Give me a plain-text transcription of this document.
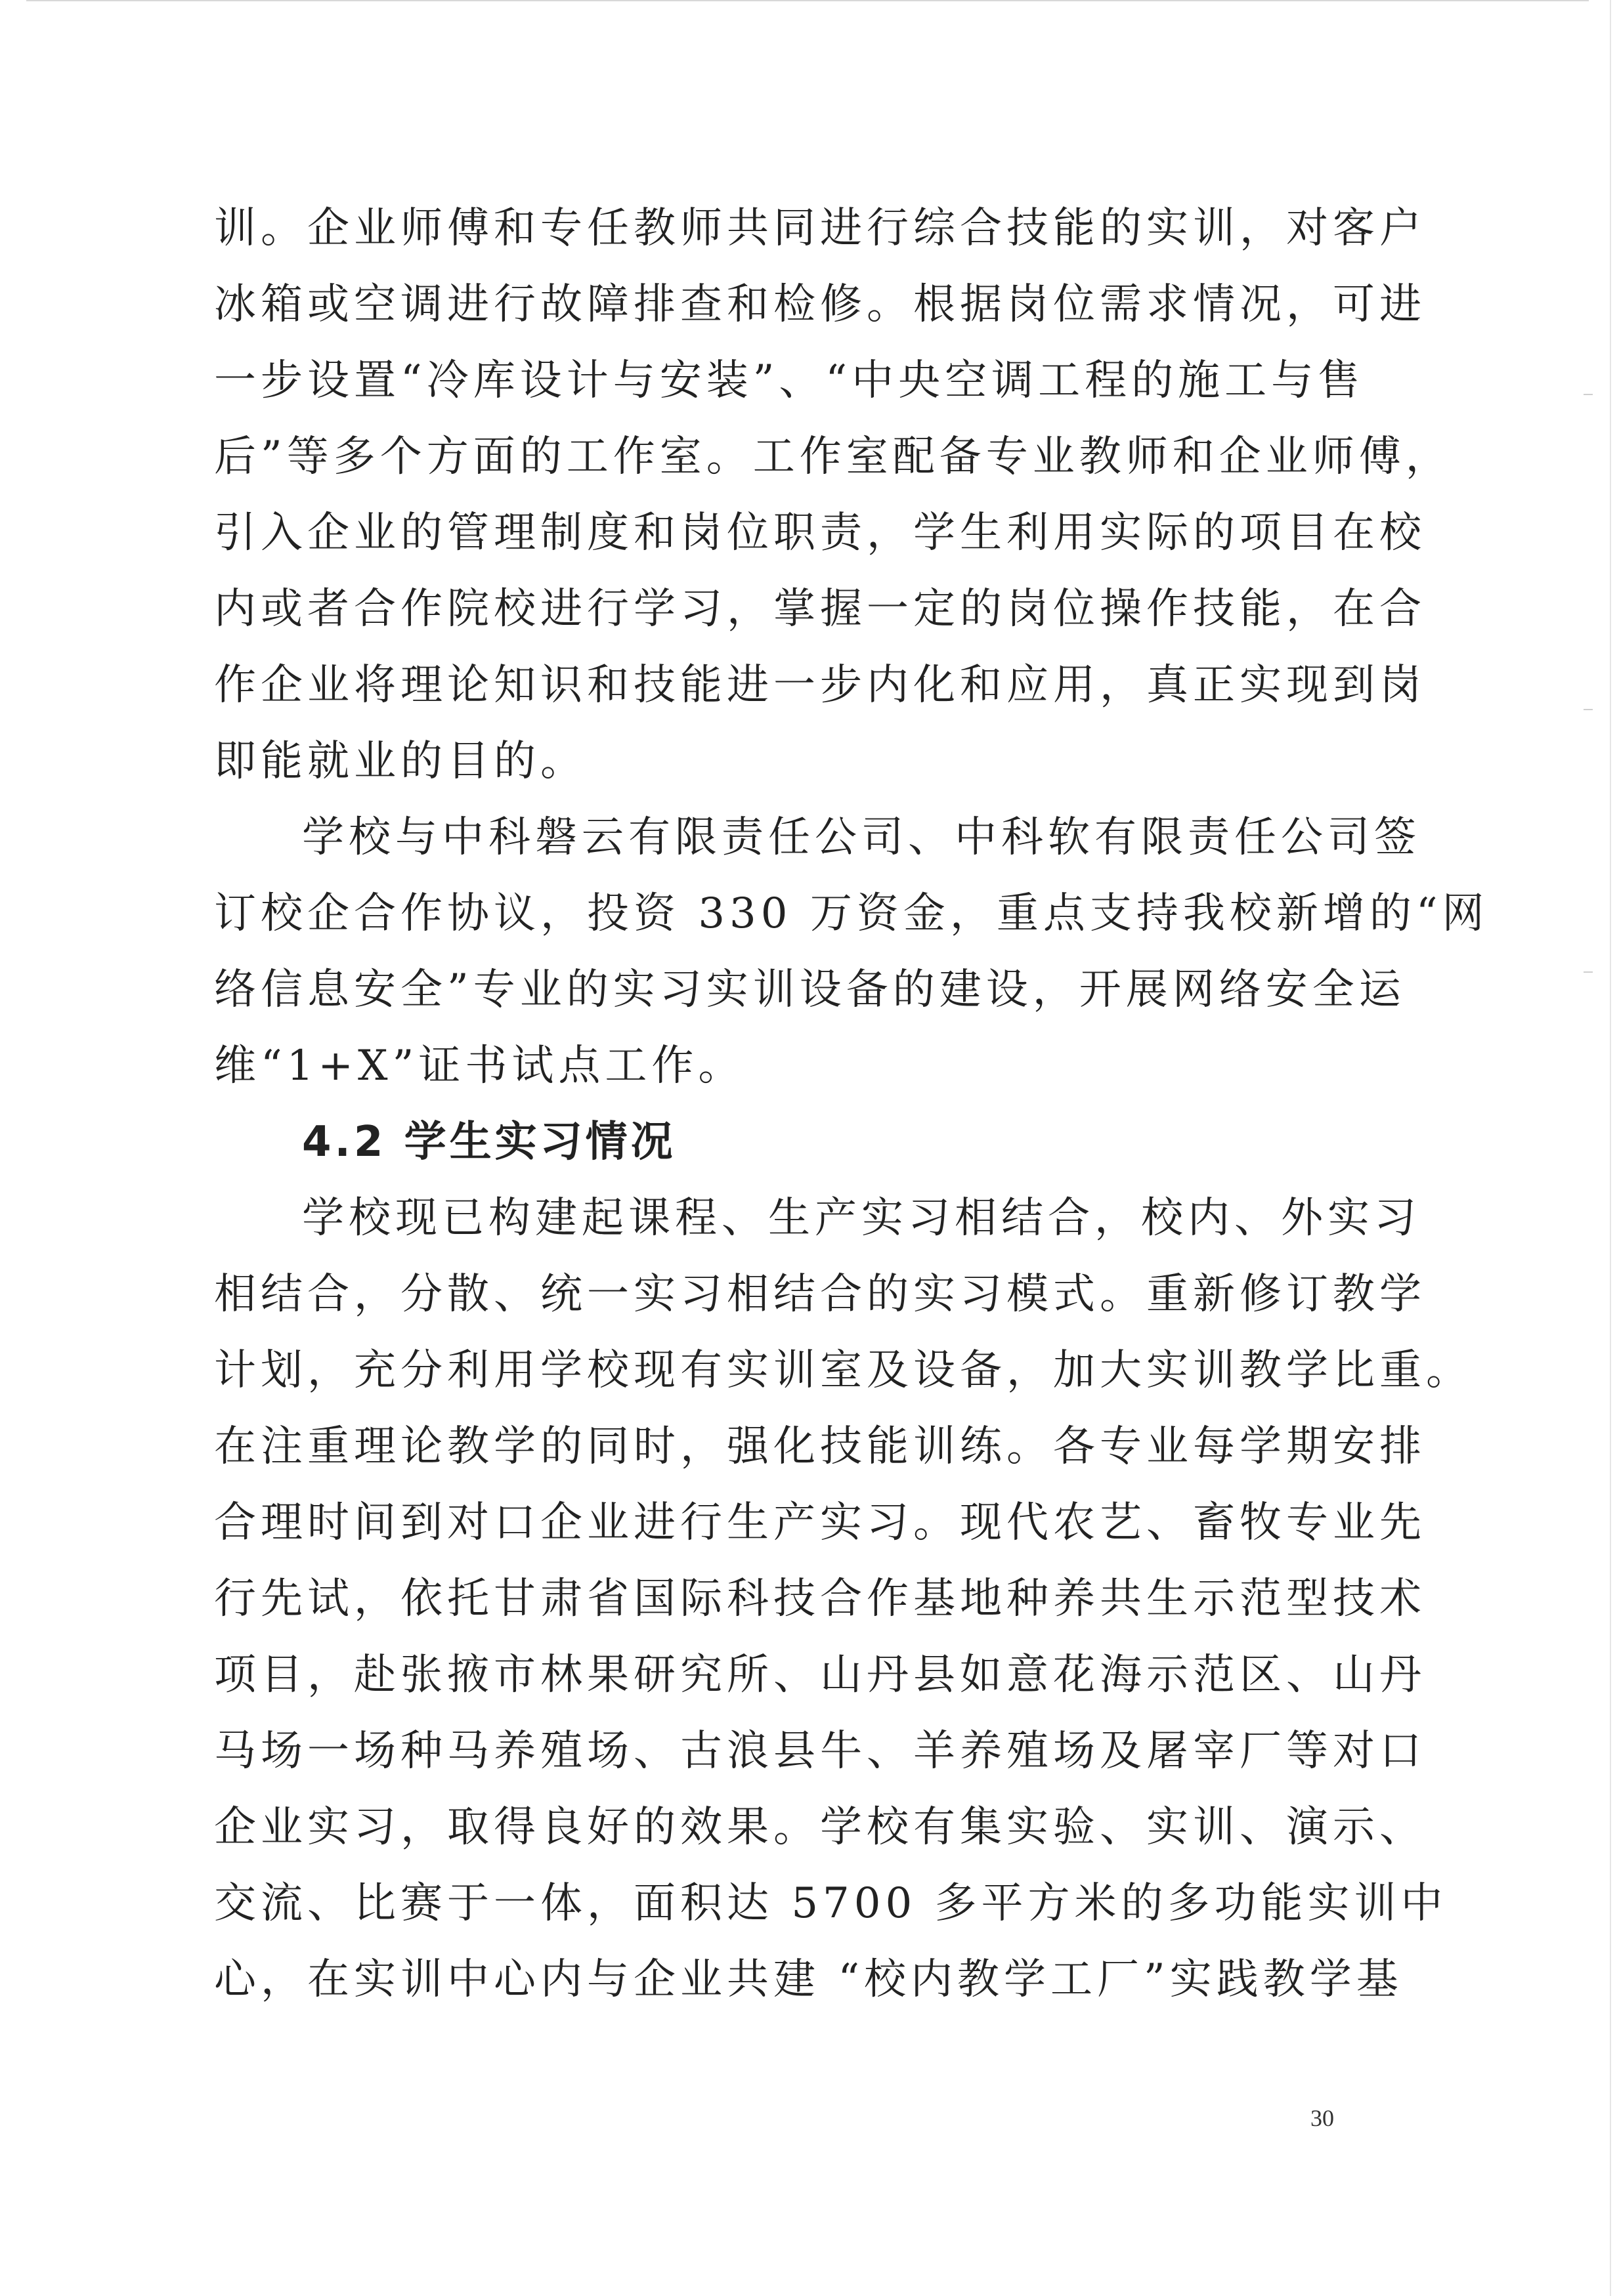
训。企业师傅和专任教师共同进行综合技能的实训，对客户
冰箱或空调进行故障排查和检修。根据岗位需求情况，可进
一步设置“冷库设计与安装”、“中央空调工程的施工与售
后”等多个方面的工作室。工作室配备专业教师和企业师傅，
引入企业的管理制度和岗位职责，学生利用实际的项目在校
内或者合作院校进行学习，掌握一定的岗位操作技能，在合
作企业将理论知识和技能进一步内化和应用，真正实现到岗
即能就业的目的。
学校与中科磐云有限责任公司、中科软有限责任公司签
订校企合作协议，投资 330 万资金，重点支持我校新增的“网
络信息安全”专业的实习实训设备的建设，开展网络安全运
维“1+X”证书试点工作。
4.2 学生实习情况
学校现已构建起课程、生产实习相结合，校内、外实习
相结合，分散、统一实习相结合的实习模式。重新修订教学
计划，充分利用学校现有实训室及设备，加大实训教学比重。
在注重理论教学的同时，强化技能训练。各专业每学期安排
合理时间到对口企业进行生产实习。现代农艺、畜牧专业先
行先试，依托甘肃省国际科技合作基地种养共生示范型技术
项目，赴张掖市林果研究所、山丹县如意花海示范区、山丹
马场一场种马养殖场、古浪县牛、羊养殖场及屠宰厂等对口
企业实习，取得良好的效果。学校有集实验、实训、演示、
交流、比赛于一体，面积达 5700 多平方米的多功能实训中
心，在实训中心内与企业共建 “校内教学工厂”实践教学基
30
